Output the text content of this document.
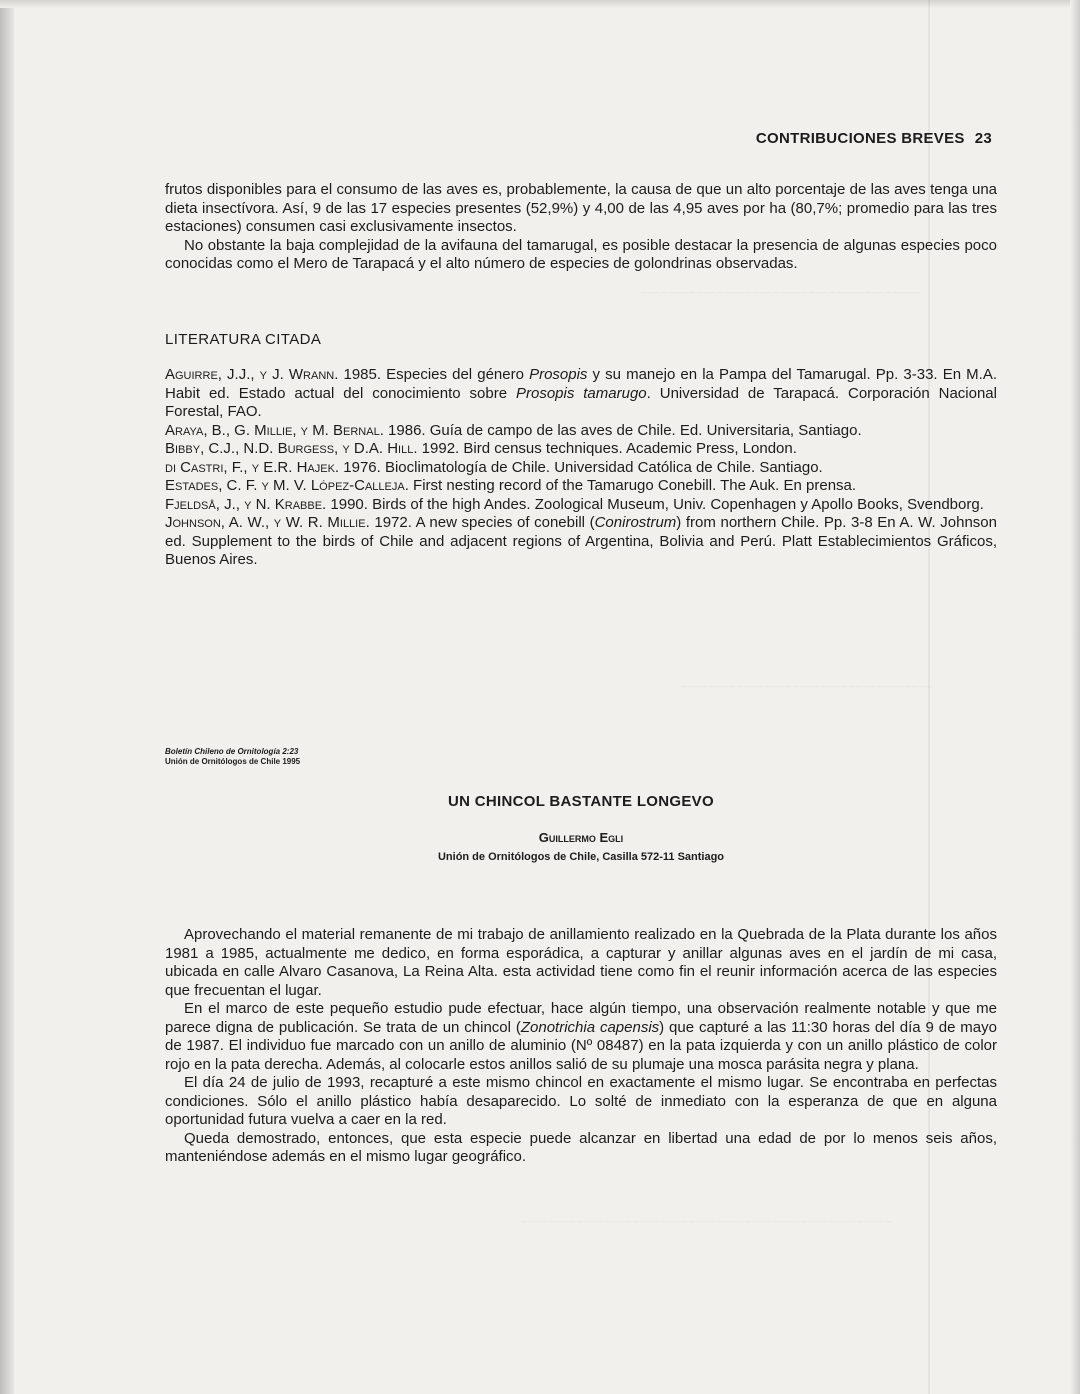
~~~~~~~~~~~~~~~~~~~~~~~~~~~~~~~~~~~~~~~~
~~~~~~~~~~~~~~~~~~~~~~~~~~~~~~~~~~~~
~~~~~~~~~~~~~~~~~~~~~~~~~~~~~~~~~~~~~~~~~~~~~~~~~~~~~
CONTRIBUCIONES BREVES 23

frutos disponibles para el consumo de las aves es, probablemente, la causa de que un alto porcentaje de las aves tenga una dieta insectívora. Así, 9 de las 17 especies presentes (52,9%) y 4,00 de las 4,95 aves por ha (80,7%; promedio para las tres estaciones) consumen casi exclusivamente insectos.

No obstante la baja complejidad de la avifauna del tamarugal, es posible destacar la presencia de algunas especies poco conocidas como el Mero de Tarapacá y el alto número de especies de golondrinas observadas.

LITERATURA CITADA

Aguirre, J.J., y J. Wrann. 1985. Especies del género Prosopis y su manejo en la Pampa del Tamarugal. Pp. 3-33. En M.A. Habit ed. Estado actual del conocimiento sobre Prosopis tamarugo. Universidad de Tarapacá. Corporación Nacional Forestal, FAO.

Araya, B., G. Millie, y M. Bernal. 1986. Guía de campo de las aves de Chile. Ed. Universitaria, Santiago.

Bibby, C.J., N.D. Burgess, y D.A. Hill. 1992. Bird census techniques. Academic Press, London.

di Castri, F., y E.R. Hajek. 1976. Bioclimatología de Chile. Universidad Católica de Chile. Santiago.

Estades, C. F. y M. V. López-Calleja. First nesting record of the Tamarugo Conebill. The Auk. En prensa.

Fjeldså, J., y N. Krabbe. 1990. Birds of the high Andes. Zoological Museum, Univ. Copenhagen y Apollo Books, Svendborg.

Johnson, A. W., y W. R. Millie. 1972. A new species of conebill (Conirostrum) from northern Chile. Pp. 3-8 En A. W. Johnson ed. Supplement to the birds of Chile and adjacent regions of Argentina, Bolivia and Perú. Platt Establecimientos Gráficos, Buenos Aires.

Boletín Chileno de Ornitología 2:23
Unión de Ornitólogos de Chile 1995
UN CHINCOL BASTANTE LONGEVO
Guillermo Egli
Unión de Ornitólogos de Chile, Casilla 572-11 Santiago

Aprovechando el material remanente de mi trabajo de anillamiento realizado en la Quebrada de la Plata durante los años 1981 a 1985, actualmente me dedico, en forma esporádica, a capturar y anillar algunas aves en el jardín de mi casa, ubicada en calle Alvaro Casanova, La Reina Alta. esta actividad tiene como fin el reunir información acerca de las especies que frecuentan el lugar.

En el marco de este pequeño estudio pude efectuar, hace algún tiempo, una observación realmente notable y que me parece digna de publicación. Se trata de un chincol (Zonotrichia capensis) que capturé a las 11:30 horas del día 9 de mayo de 1987. El individuo fue marcado con un anillo de aluminio (Nº 08487) en la pata izquierda y con un anillo plástico de color rojo en la pata derecha. Además, al colocarle estos anillos salió de su plumaje una mosca parásita negra y plana.

El día 24 de julio de 1993, recapturé a este mismo chincol en exactamente el mismo lugar. Se encontraba en perfectas condiciones. Sólo el anillo plástico había desaparecido. Lo solté de inmediato con la esperanza de que en alguna oportunidad futura vuelva a caer en la red.

Queda demostrado, entonces, que esta especie puede alcanzar en libertad una edad de por lo menos seis años, manteniéndose además en el mismo lugar geográfico.
